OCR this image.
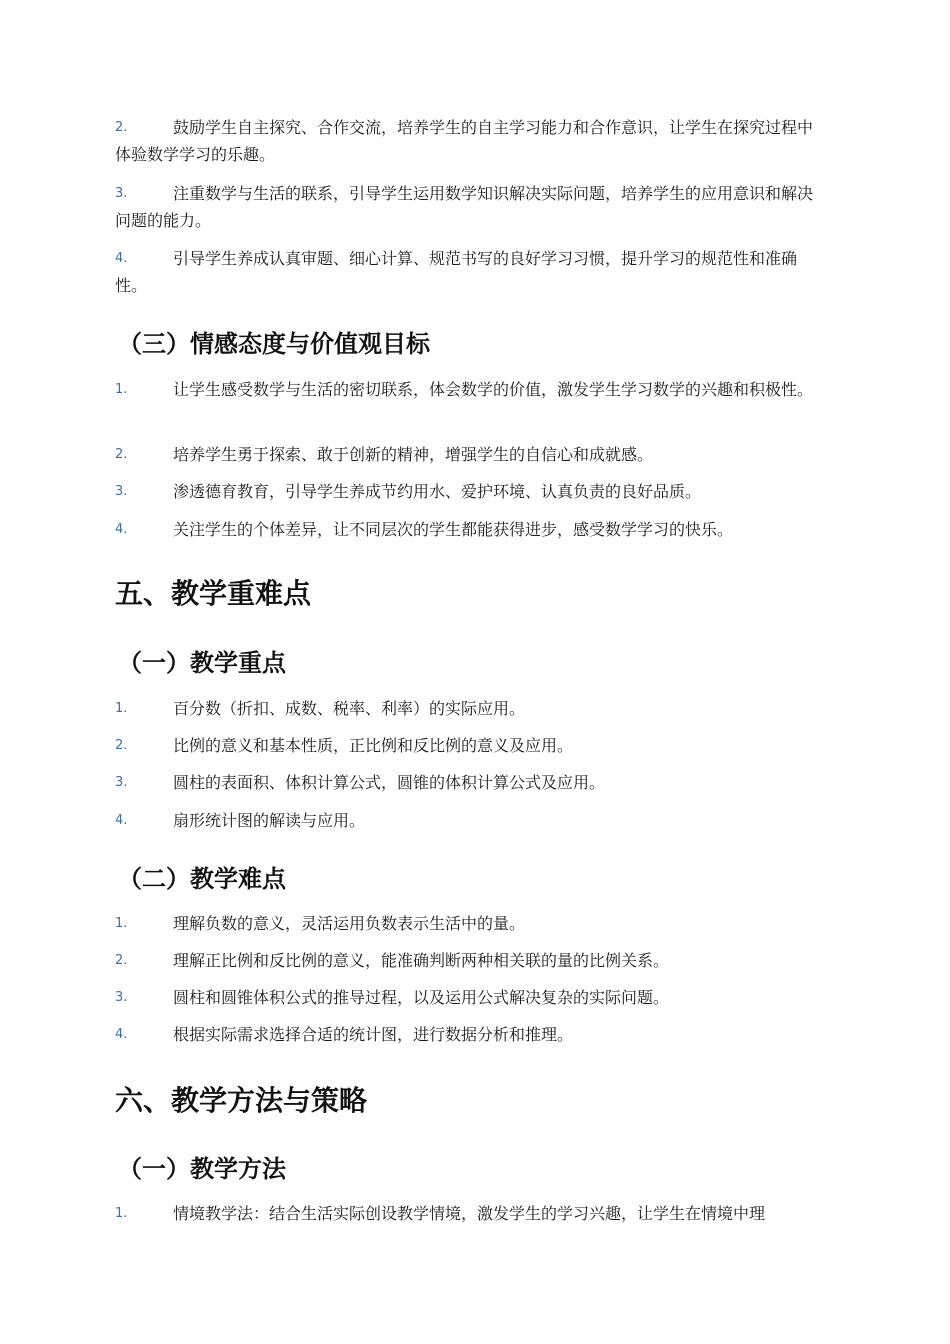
2.	鼓励学生自主探究、合作交流，培养学生的自主学习能力和合作意识，让学生在探究过程中体验数学学习的乐趣。
3.	注重数学与生活的联系，引导学生运用数学知识解决实际问题，培养学生的应用意识和解决问题的能力。
4.	引导学生养成认真审题、细心计算、规范书写的良好学习习惯，提升学习的规范性和准确性。
（三）情感态度与价值观目标
1.	让学生感受数学与生活的密切联系，体会数学的价值，激发学生学习数学的兴趣和积极性。
2.	培养学生勇于探索、敢于创新的精神，增强学生的自信心和成就感。
3.	渗透德育教育，引导学生养成节约用水、爱护环境、认真负责的良好品质。
4.	关注学生的个体差异，让不同层次的学生都能获得进步，感受数学学习的快乐。
五、教学重难点
（一）教学重点
1.	百分数（折扣、成数、税率、利率）的实际应用。
2.	比例的意义和基本性质，正比例和反比例的意义及应用。
3.	圆柱的表面积、体积计算公式，圆锥的体积计算公式及应用。
4.	扇形统计图的解读与应用。
（二）教学难点
1.	理解负数的意义，灵活运用负数表示生活中的量。
2.	理解正比例和反比例的意义，能准确判断两种相关联的量的比例关系。
3.	圆柱和圆锥体积公式的推导过程，以及运用公式解决复杂的实际问题。
4.	根据实际需求选择合适的统计图，进行数据分析和推理。
六、教学方法与策略
（一）教学方法
1.	情境教学法：结合生活实际创设教学情境，激发学生的学习兴趣，让学生在情境中理
